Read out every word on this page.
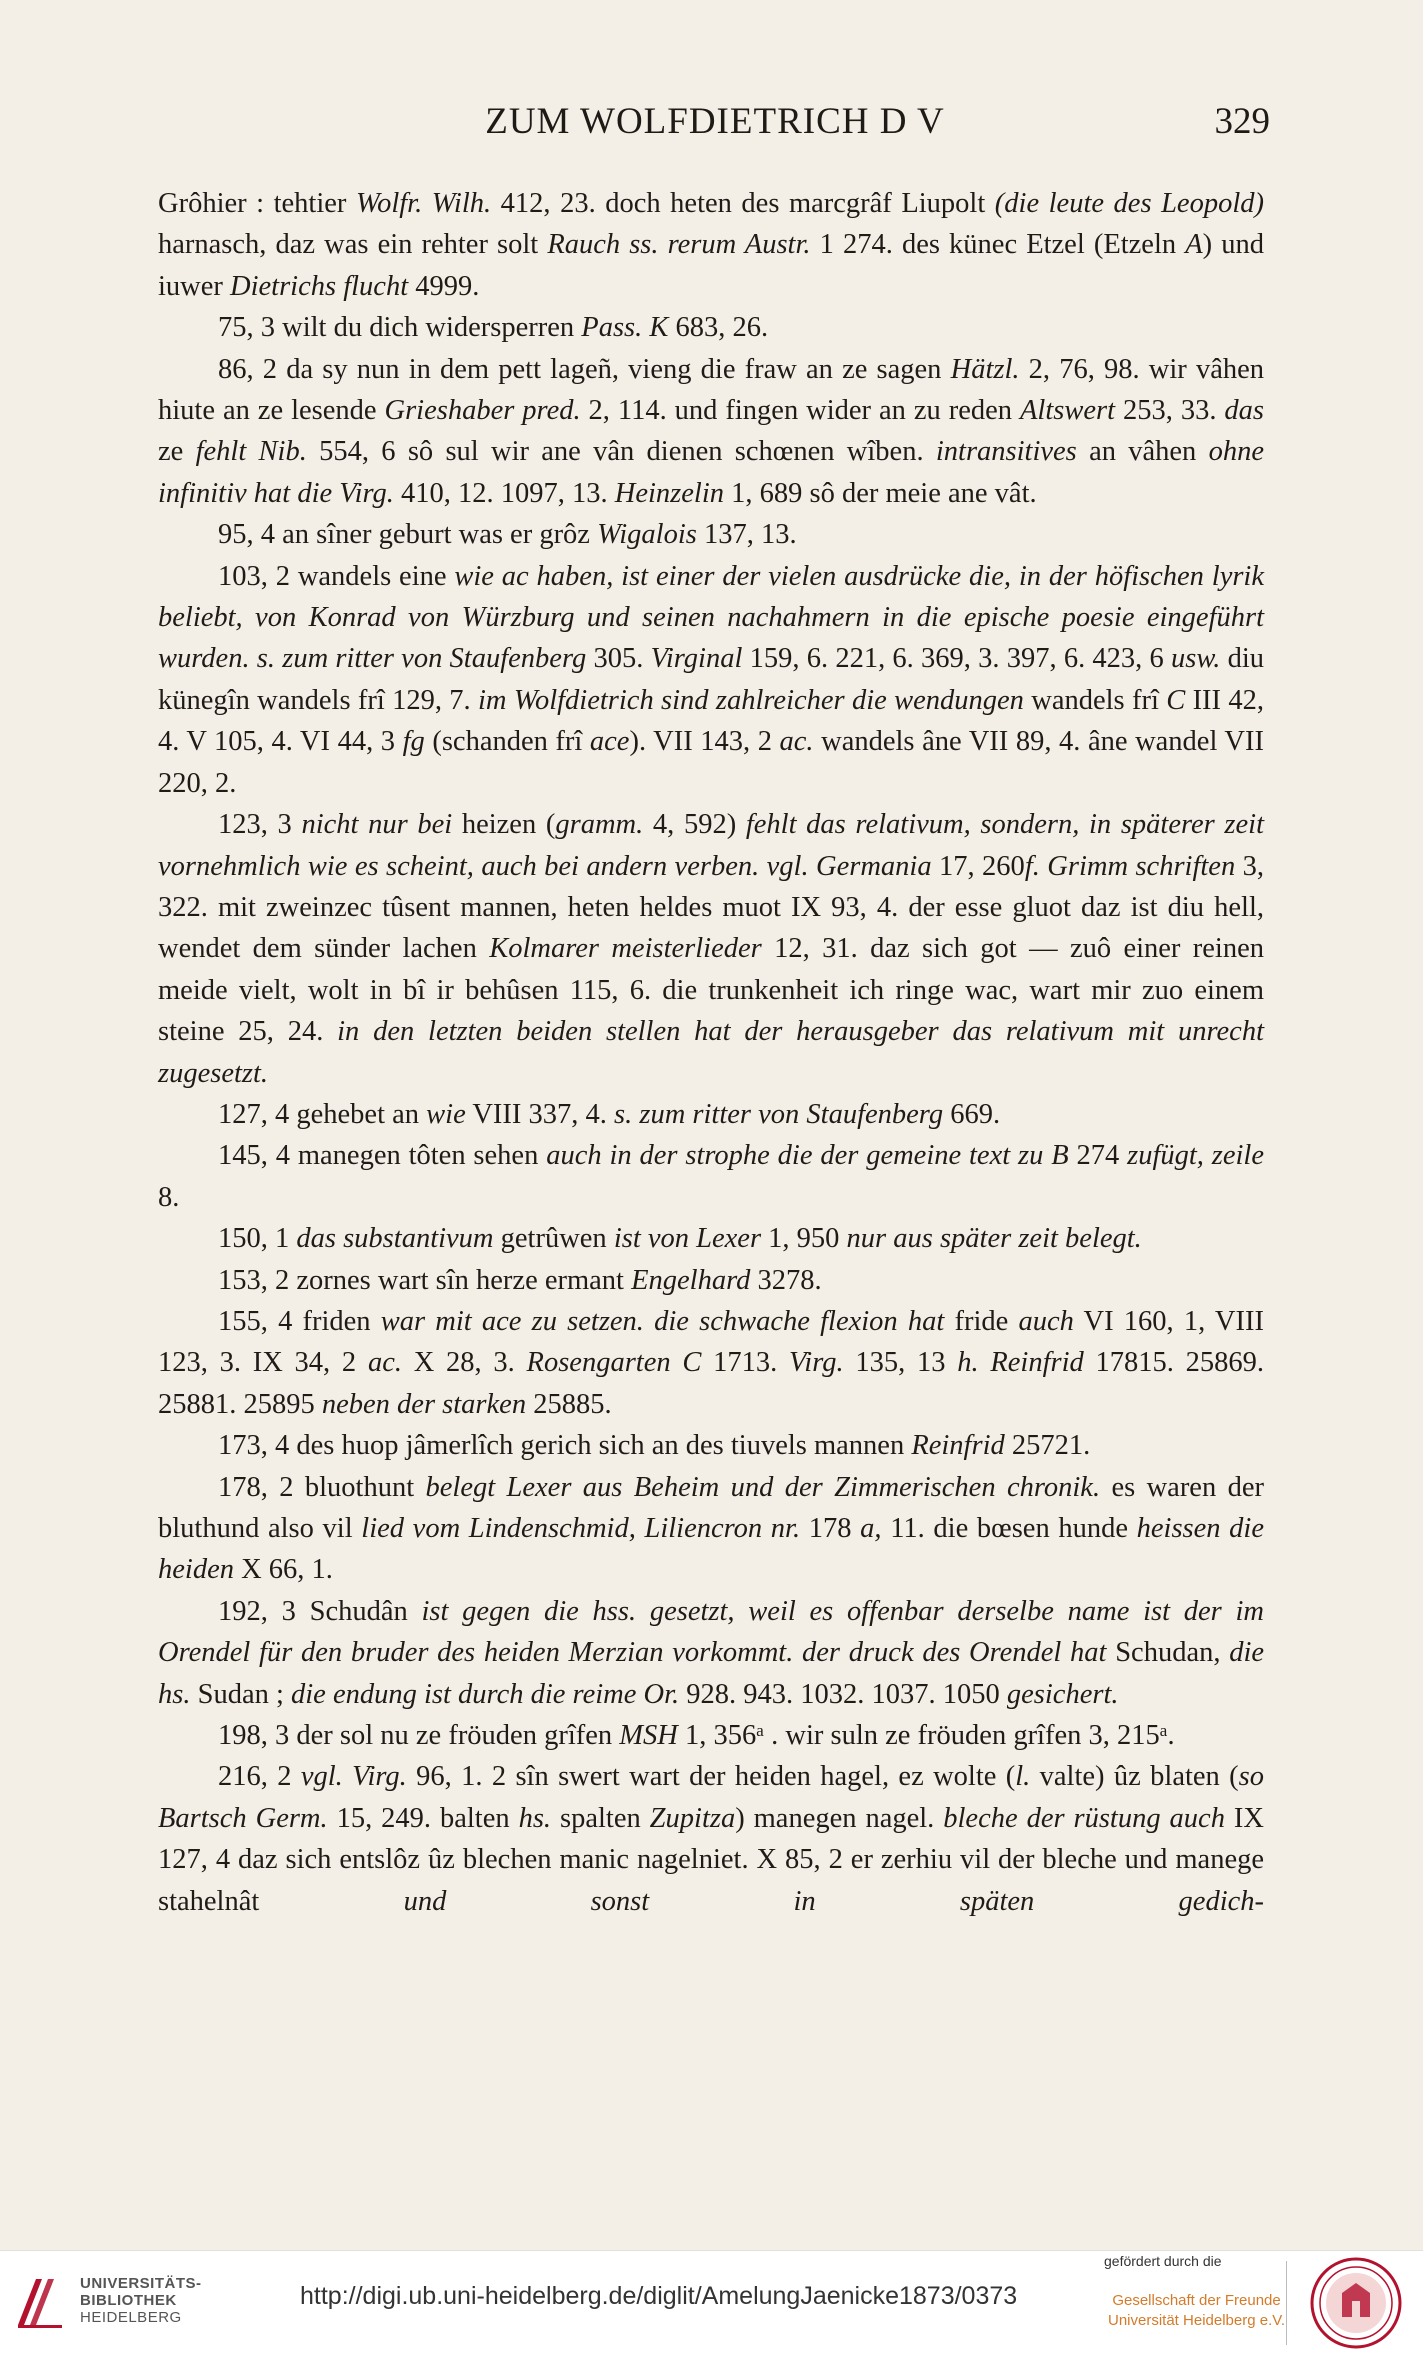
ZUM WOLFDIETRICH D V	329

Grôhier : tehtier Wolfr. Wilh. 412, 23. doch heten des marcgrâf Liupolt (die leute des Leopold) harnasch, daz was ein rehter solt Rauch ss. rerum Austr. 1 274. des künec Etzel (Etzeln A) und iuwer Dietrichs flucht 4999.

75, 3 wilt du dich widersperren Pass. K 683, 26.

86, 2 da sy nun in dem pett lageñ, vieng die fraw an ze sagen Hätzl. 2, 76, 98. wir vâhen hiute an ze lesende Grieshaber pred. 2, 114. und fingen wider an zu reden Altswert 253, 33. das ze fehlt Nib. 554, 6 sô sul wir ane vân dienen schœnen wîben. intransitives an vâhen ohne infinitiv hat die Virg. 410, 12. 1097, 13. Heinzelin 1, 689 sô der meie ane vât.

95, 4 an sîner geburt was er grôz Wigalois 137, 13.

103, 2 wandels eine wie ac haben, ist einer der vielen ausdrücke die, in der höfischen lyrik beliebt, von Konrad von Würzburg und seinen nachahmern in die epische poesie eingeführt wurden. s. zum ritter von Staufenberg 305. Virginal 159, 6. 221, 6. 369, 3. 397, 6. 423, 6 usw. diu künegîn wandels frî 129, 7. im Wolfdietrich sind zahlreicher die wendungen wandels frî C III 42, 4. V 105, 4. VI 44, 3 fg (schanden frî ace). VII 143, 2 ac. wandels âne VII 89, 4. âne wandel VII 220, 2.

123, 3 nicht nur bei heizen (gramm. 4, 592) fehlt das relativum, sondern, in späterer zeit vornehmlich wie es scheint, auch bei andern verben. vgl. Germania 17, 260f. Grimm schriften 3, 322. mit zweinzec tûsent mannen, heten heldes muot IX 93, 4. der esse gluot daz ist diu hell, wendet dem sünder lachen Kolmarer meisterlieder 12, 31. daz sich got — zuô einer reinen meide vielt, wolt in bî ir behûsen 115, 6. die trunkenheit ich ringe wac, wart mir zuo einem steine 25, 24. in den letzten beiden stellen hat der herausgeber das relativum mit unrecht zugesetzt.

127, 4 gehebet an wie VIII 337, 4. s. zum ritter von Staufenberg 669.

145, 4 manegen tôten sehen auch in der strophe die der gemeine text zu B 274 zufügt, zeile 8.

150, 1 das substantivum getrûwen ist von Lexer 1, 950 nur aus später zeit belegt.

153, 2 zornes wart sîn herze ermant Engelhard 3278.

155, 4 friden war mit ace zu setzen. die schwache flexion hat fride auch VI 160, 1, VIII 123, 3. IX 34, 2 ac. X 28, 3. Rosengarten C 1713. Virg. 135, 13 h. Reinfrid 17815. 25869. 25881. 25895 neben der starken 25885.

173, 4 des huop jâmerlîch gerich sich an des tiuvels mannen Reinfrid 25721.

178, 2 bluothunt belegt Lexer aus Beheim und der Zimmerischen chronik. es waren der bluthund also vil lied vom Lindenschmid, Liliencron nr. 178 a, 11. die bœsen hunde heissen die heiden X 66, 1.

192, 3 Schudân ist gegen die hss. gesetzt, weil es offenbar derselbe name ist der im Orendel für den bruder des heiden Merzian vorkommt. der druck des Orendel hat Schudan, die hs. Sudan ; die endung ist durch die reime Or. 928. 943. 1032. 1037. 1050 gesichert.

198, 3 der sol nu ze fröuden grîfen MSH 1, 356ᵃ . wir suln ze fröuden grîfen 3, 215ᵃ.

216, 2 vgl. Virg. 96, 1. 2 sîn swert wart der heiden hagel, ez wolte (l. valte) ûz blaten (so Bartsch Germ. 15, 249. balten hs. spalten Zupitza) manegen nagel. bleche der rüstung auch IX 127, 4 daz sich entslôz ûz blechen manic nagelniet. X 85, 2 er zerhiu vil der bleche und manege stahelnât und sonst in späten gedich-

UNIVERSITÄTS-
BIBLIOTHEK
HEIDELBERG
http://digi.ub.uni-heidelberg.de/diglit/AmelungJaenicke1873/0373
gefördert durch die
Gesellschaft der Freunde
Universität Heidelberg e.V.
